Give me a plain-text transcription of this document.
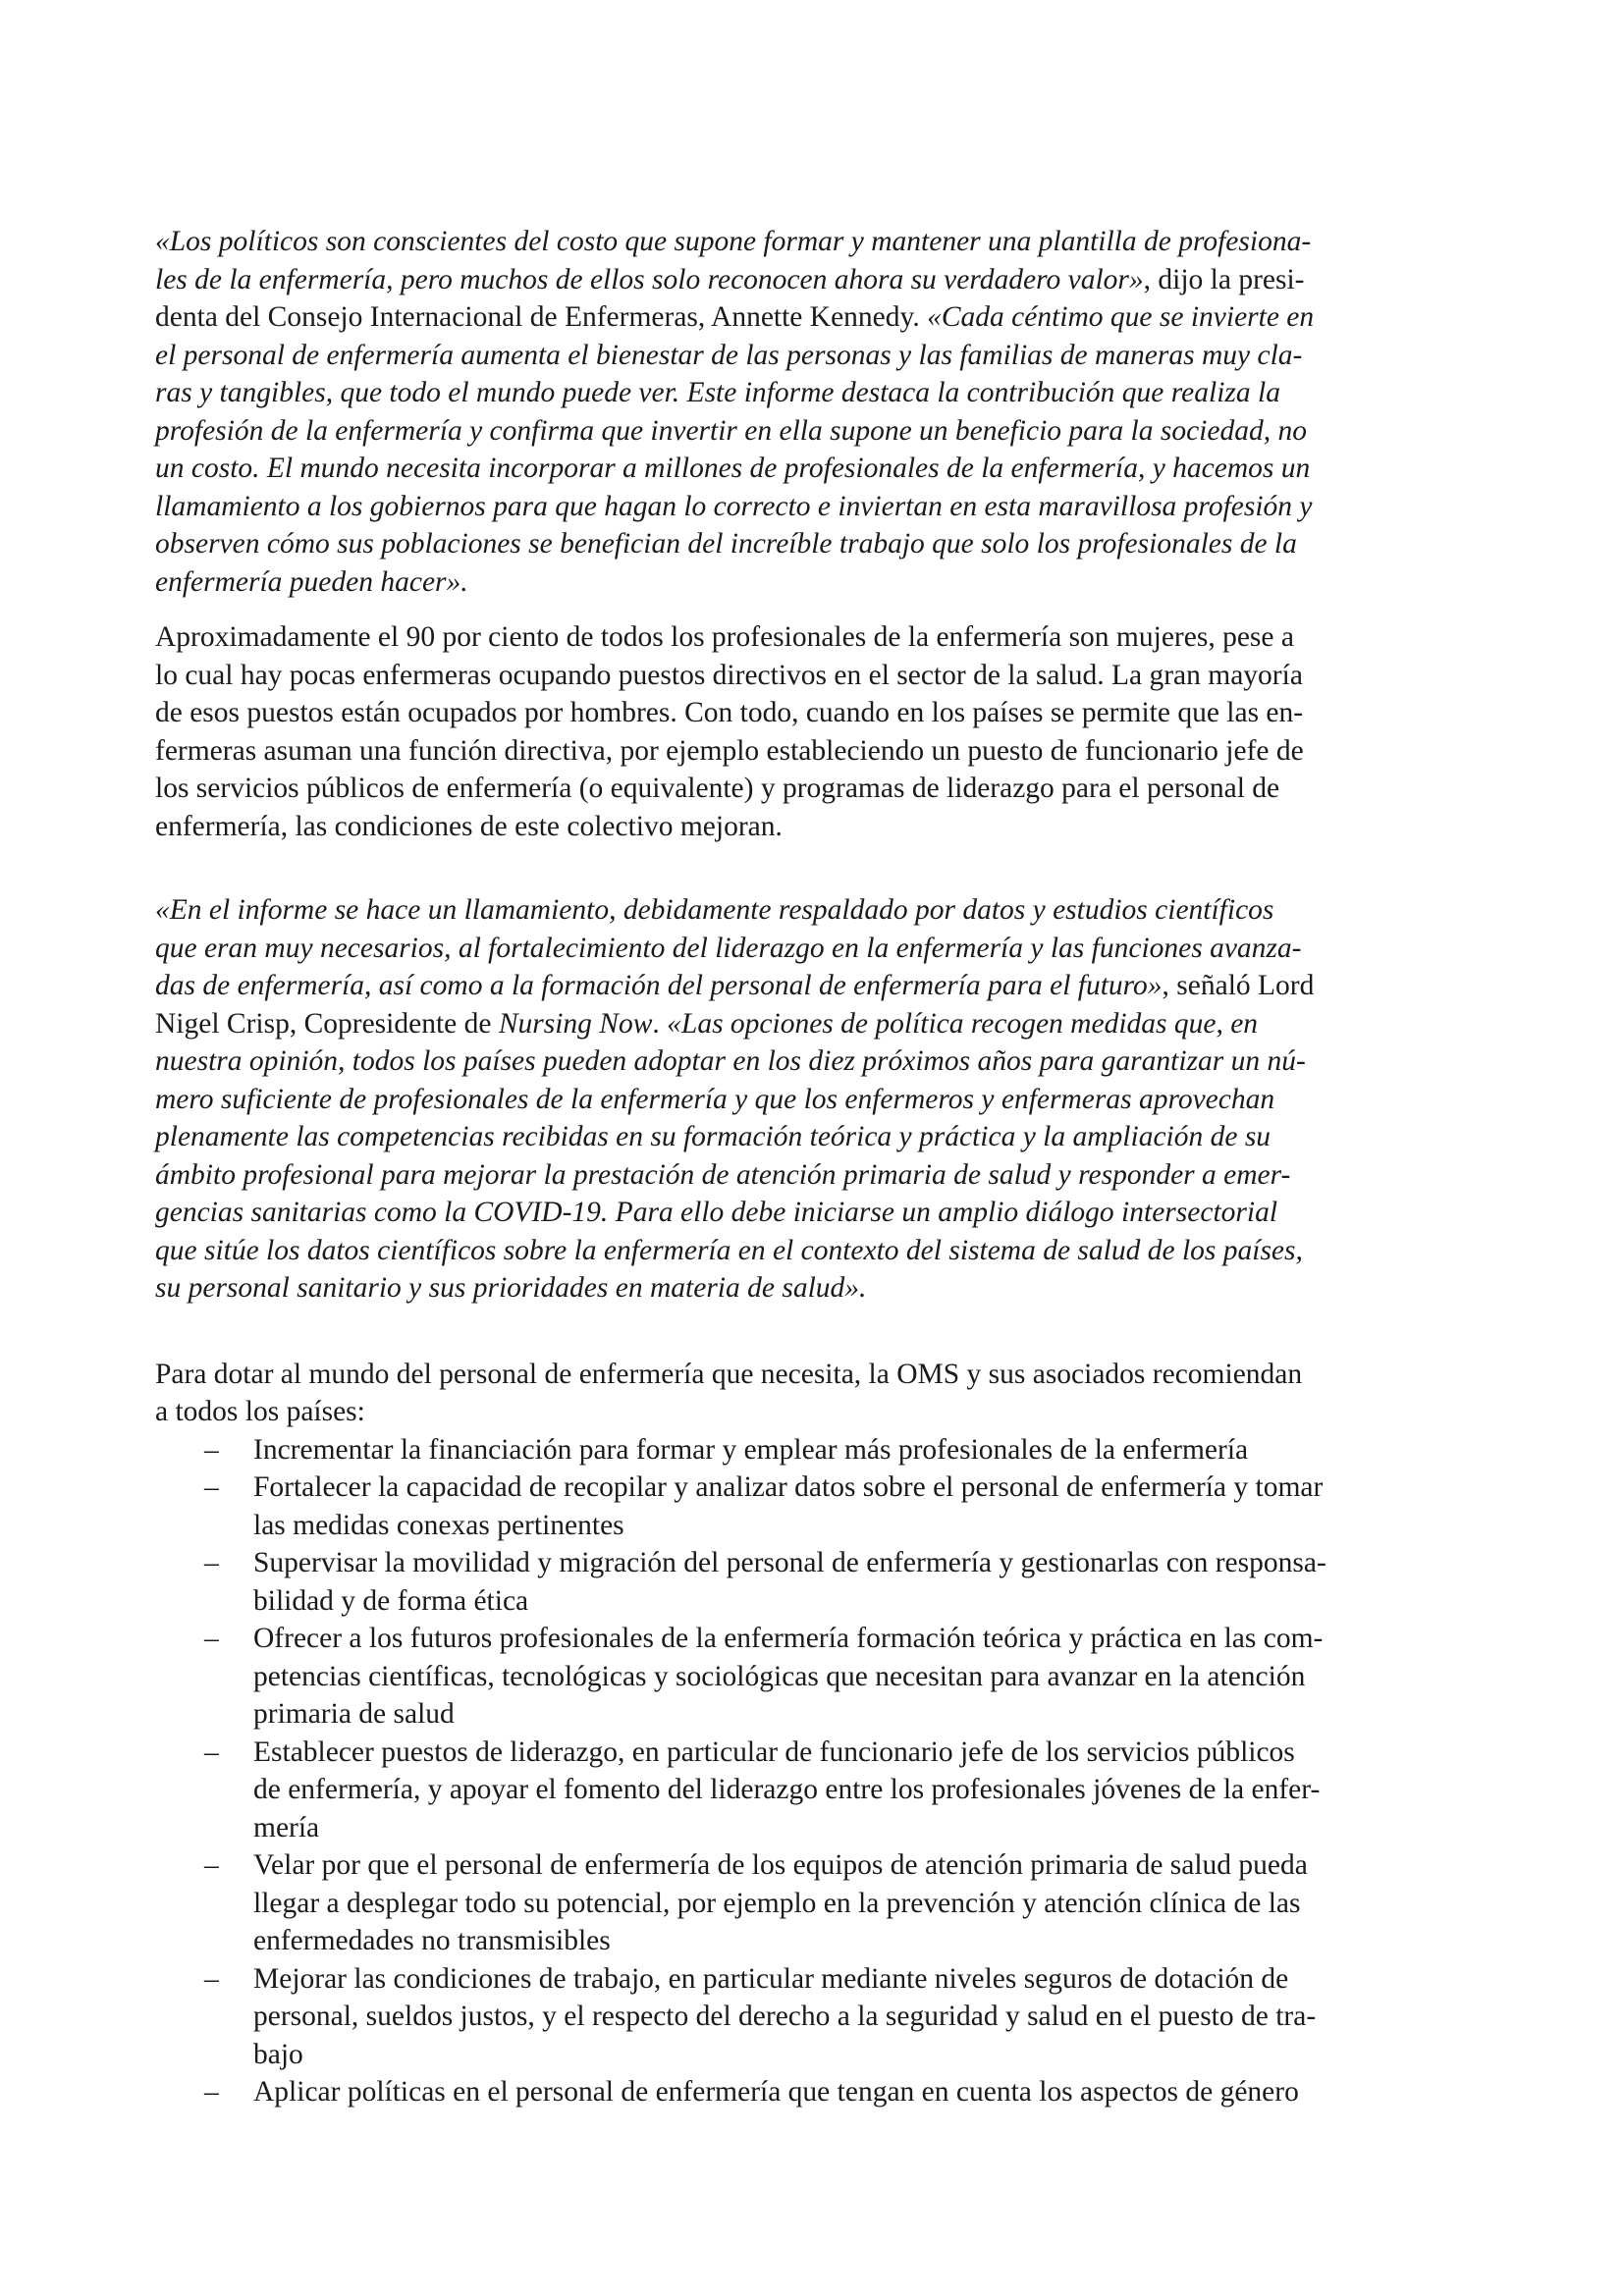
«Los políticos son conscientes del costo que supone formar y mantener una plantilla de profesiona-
les de la enfermería, pero muchos de ellos solo reconocen ahora su verdadero valor», dijo la presi-
denta del Consejo Internacional de Enfermeras, Annette Kennedy. «Cada céntimo que se invierte en
el personal de enfermería aumenta el bienestar de las personas y las familias de maneras muy cla-
ras y tangibles, que todo el mundo puede ver. Este informe destaca la contribución que realiza la
profesión de la enfermería y confirma que invertir en ella supone un beneficio para la sociedad, no
un costo. El mundo necesita incorporar a millones de profesionales de la enfermería, y hacemos un
llamamiento a los gobiernos para que hagan lo correcto e inviertan en esta maravillosa profesión y
observen cómo sus poblaciones se benefician del increíble trabajo que solo los profesionales de la
enfermería pueden hacer».

Aproximadamente el 90 por ciento de todos los profesionales de la enfermería son mujeres, pese a
lo cual hay pocas enfermeras ocupando puestos directivos en el sector de la salud. La gran mayoría
de esos puestos están ocupados por hombres. Con todo, cuando en los países se permite que las en-
fermeras asuman una función directiva, por ejemplo estableciendo un puesto de funcionario jefe de
los servicios públicos de enfermería (o equivalente) y programas de liderazgo para el personal de
enfermería, las condiciones de este colectivo mejoran.

«En el informe se hace un llamamiento, debidamente respaldado por datos y estudios científicos
que eran muy necesarios, al fortalecimiento del liderazgo en la enfermería y las funciones avanza-
das de enfermería, así como a la formación del personal de enfermería para el futuro», señaló Lord
Nigel Crisp, Copresidente de Nursing Now. «Las opciones de política recogen medidas que, en
nuestra opinión, todos los países pueden adoptar en los diez próximos años para garantizar un nú-
mero suficiente de profesionales de la enfermería y que los enfermeros y enfermeras aprovechan
plenamente las competencias recibidas en su formación teórica y práctica y la ampliación de su
ámbito profesional para mejorar la prestación de atención primaria de salud y responder a emer-
gencias sanitarias como la COVID-19. Para ello debe iniciarse un amplio diálogo intersectorial
que sitúe los datos científicos sobre la enfermería en el contexto del sistema de salud de los países,
su personal sanitario y sus prioridades en materia de salud».

Para dotar al mundo del personal de enfermería que necesita, la OMS y sus asociados recomiendan
a todos los países:
– Incrementar la financiación para formar y emplear más profesionales de la enfermería
– Fortalecer la capacidad de recopilar y analizar datos sobre el personal de enfermería y tomar
las medidas conexas pertinentes
– Supervisar la movilidad y migración del personal de enfermería y gestionarlas con responsa-
bilidad y de forma ética
– Ofrecer a los futuros profesionales de la enfermería formación teórica y práctica en las com-
petencias científicas, tecnológicas y sociológicas que necesitan para avanzar en la atención
primaria de salud
– Establecer puestos de liderazgo, en particular de funcionario jefe de los servicios públicos
de enfermería, y apoyar el fomento del liderazgo entre los profesionales jóvenes de la enfer-
mería
– Velar por que el personal de enfermería de los equipos de atención primaria de salud pueda
llegar a desplegar todo su potencial, por ejemplo en la prevención y atención clínica de las
enfermedades no transmisibles
– Mejorar las condiciones de trabajo, en particular mediante niveles seguros de dotación de
personal, sueldos justos, y el respecto del derecho a la seguridad y salud en el puesto de tra-
bajo
– Aplicar políticas en el personal de enfermería que tengan en cuenta los aspectos de género
